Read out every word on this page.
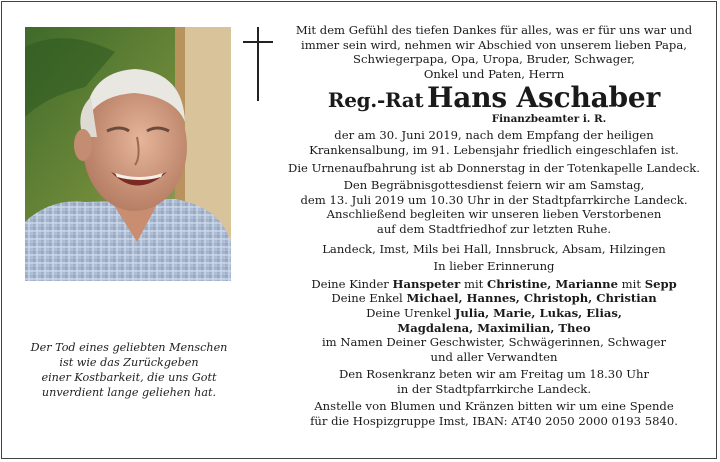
Der Tod eines geliebten Menschen
ist wie das Zurückgeben
einer Kostbarkeit, die uns Gott
unverdient lange geliehen hat.
Mit dem Gefühl des tiefen Dankes für alles, was er für uns war und
immer sein wird, nehmen wir Abschied von unserem lieben Papa,
Schwiegerpapa, Opa, Uropa, Bruder, Schwager,
Onkel und Paten, Herrn
Reg.-Rat Hans Aschaber
Finanzbeamter i. R.
der am 30. Juni 2019, nach dem Empfang der heiligen
Krankensalbung, im 91. Lebensjahr friedlich eingeschlafen ist.
Die Urnenaufbahrung ist ab Donnerstag in der Totenkapelle Landeck.
Den Begräbnisgottesdienst feiern wir am Samstag,
dem 13. Juli 2019 um 10.30 Uhr in der Stadtpfarrkirche Landeck.
Anschließend begleiten wir unseren lieben Verstorbenen
auf dem Stadtfriedhof zur letzten Ruhe.
Landeck, Imst, Mils bei Hall, Innsbruck, Absam, Hilzingen
In lieber Erinnerung
Deine Kinder Hanspeter mit Christine, Marianne mit Sepp
Deine Enkel Michael, Hannes, Christoph, Christian
Deine Urenkel Julia, Marie, Lukas, Elias,
Magdalena, Maximilian, Theo
im Namen Deiner Geschwister, Schwägerinnen, Schwager
und aller Verwandten
Den Rosenkranz beten wir am Freitag um 18.30 Uhr
in der Stadtpfarrkirche Landeck.
Anstelle von Blumen und Kränzen bitten wir um eine Spende
für die Hospizgruppe Imst, IBAN: AT40 2050 2000 0193 5840.
